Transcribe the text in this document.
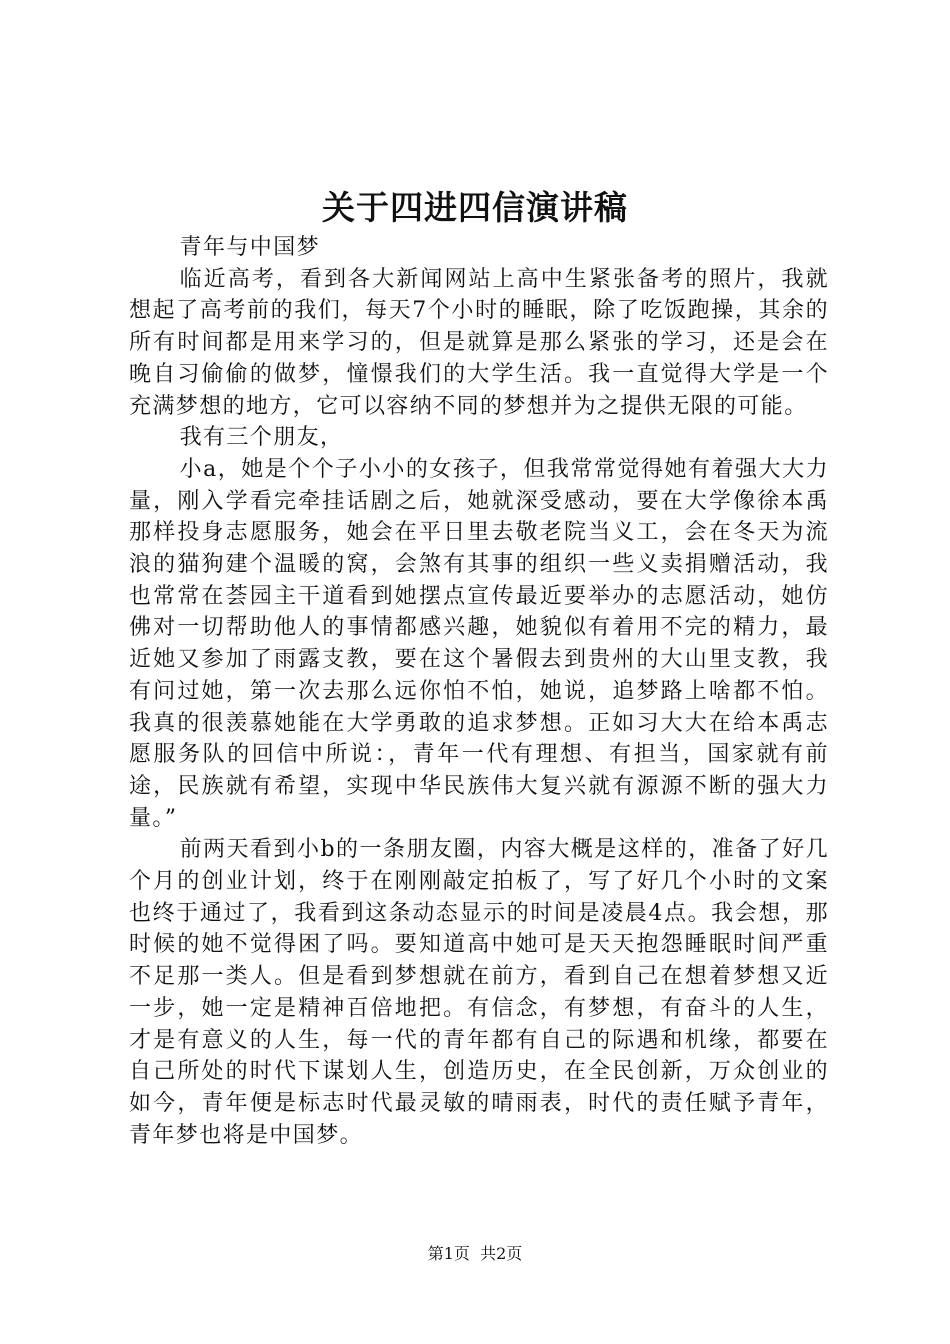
关于四进四信演讲稿

青年与中国梦

临近高考，看到各大新闻网站上高中生紧张备考的照片，我就想起了高考前的我们，每天7个小时的睡眠，除了吃饭跑操，其余的所有时间都是用来学习的，但是就算是那么紧张的学习，还是会在晚自习偷偷的做梦，憧憬我们的大学生活。我一直觉得大学是一个充满梦想的地方，它可以容纳不同的梦想并为之提供无限的可能。

我有三个朋友，

小a，她是个个子小小的女孩子，但我常常觉得她有着强大大力量，刚入学看完牵挂话剧之后，她就深受感动，要在大学像徐本禹那样投身志愿服务，她会在平日里去敬老院当义工，会在冬天为流浪的猫狗建个温暖的窝，会煞有其事的组织一些义卖捐赠活动，我也常常在荟园主干道看到她摆点宣传最近要举办的志愿活动，她仿佛对一切帮助他人的事情都感兴趣，她貌似有着用不完的精力，最近她又参加了雨露支教，要在这个暑假去到贵州的大山里支教，我有问过她，第一次去那么远你怕不怕，她说，追梦路上啥都不怕。我真的很羡慕她能在大学勇敢的追求梦想。正如习大大在给本禹志愿服务队的回信中所说：，青年一代有理想、有担当，国家就有前途，民族就有希望，实现中华民族伟大复兴就有源源不断的强大力量。”

前两天看到小b的一条朋友圈，内容大概是这样的，准备了好几个月的创业计划，终于在刚刚敲定拍板了，写了好几个小时的文案也终于通过了，我看到这条动态显示的时间是凌晨4点。我会想，那时候的她不觉得困了吗。要知道高中她可是天天抱怨睡眠时间严重不足那一类人。但是看到梦想就在前方，看到自己在想着梦想又近一步，她一定是精神百倍地把。有信念，有梦想，有奋斗的人生，才是有意义的人生，每一代的青年都有自己的际遇和机缘，都要在自己所处的时代下谋划人生，创造历史，在全民创新，万众创业的如今，青年便是标志时代最灵敏的晴雨表，时代的责任赋予青年，青年梦也将是中国梦。

第1页  共2页
